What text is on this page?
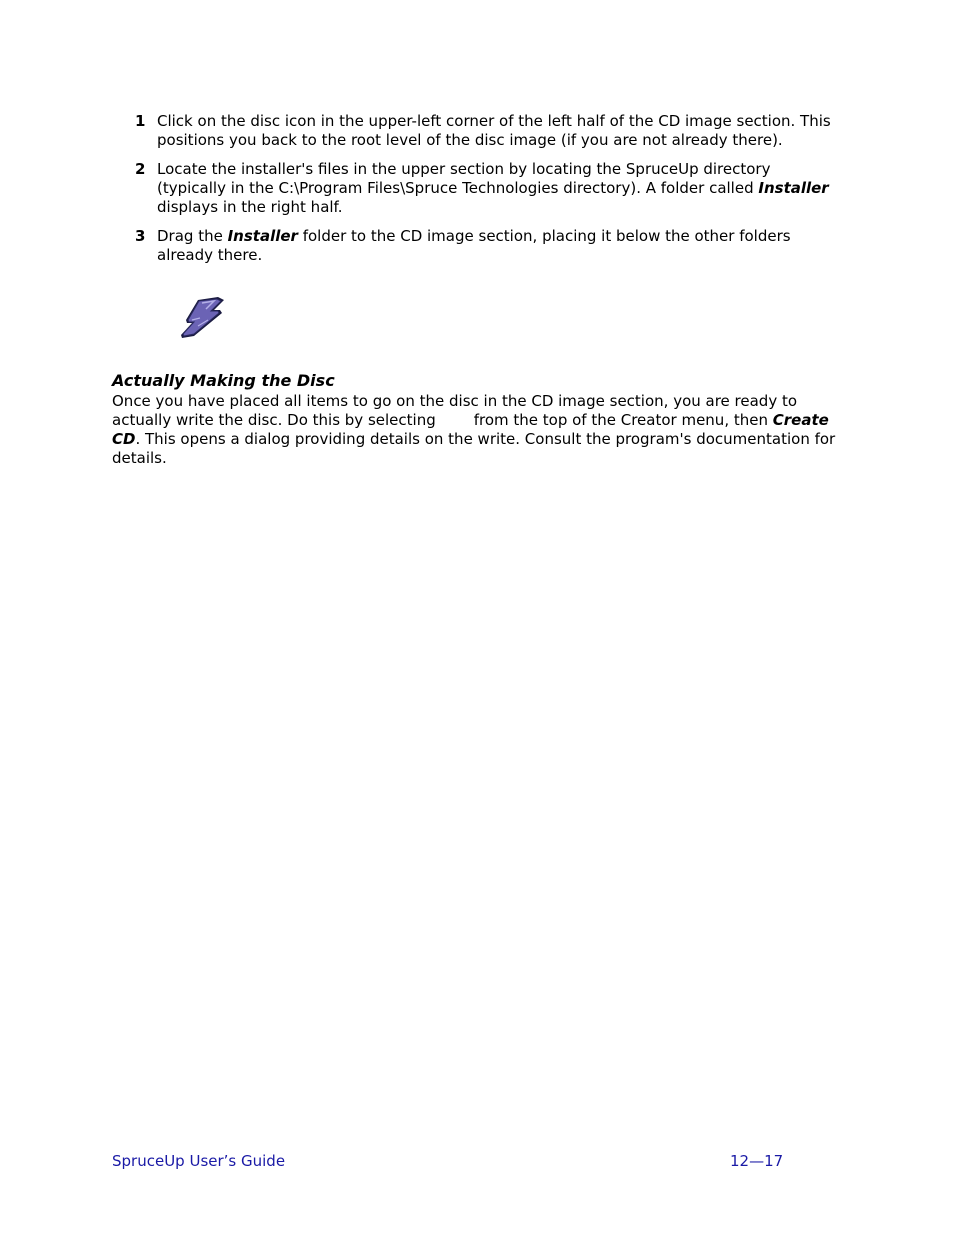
1 Click on the disc icon in the upper-left corner of the left half of the CD image section. This positions you back to the root level of the disc image (if you are not already there).
2 Locate the installer's files in the upper section by locating the SpruceUp directory (typically in the C:\Program Files\Spruce Technologies directory). A folder called Installer displays in the right half.
3 Drag the Installer folder to the CD image section, placing it below the other folders already there.
Actually Making the Disc
Once you have placed all items to go on the disc in the CD image section, you are ready to actually write the disc. Do this by selecting	from the top of the Creator menu, then Create CD. This opens a dialog providing details on the write. Consult the program's documentation for details.
SpruceUp User’s Guide	12—17
